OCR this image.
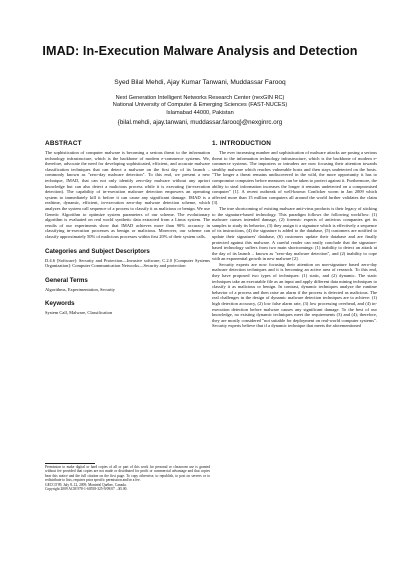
IMAD: In-Execution Malware Analysis and Detection
Syed Bilal Mehdi, Ajay Kumar Tanwani, Muddassar Farooq
Next Generation Intelligent Networks Research Center (nexGIN RC)
National University of Computer & Emerging Sciences (FAST-NUCES)
Islamabad 44000, Pakistan
{bilal.mehdi, ajay.tanwani, muddassar.farooq}@nexginrc.org
ABSTRACT
The sophistication of computer malware is becoming a serious threat to the information technology infrastructure, which is the backbone of modern e-commerce systems. We, therefore, advocate the need for developing sophisticated, efficient, and accurate malware classification techniques that can detect a malware on the first day of its launch – commonly known as "zero-day malware detection". To this end, we present a new technique, IMAD, that can not only identify zero-day malware without any apriori knowledge but can also detect a malicious process while it is executing (in-execution detection). The capability of in-execution malware detection empowers an operating system to immediately kill it before it can cause any significant damage. IMAD is a realtime, dynamic, efficient, in-execution zero-day malware detection scheme, which analyzes the system call sequence of a process to classify it as malicious or benign. We use Genetic Algorithm to optimize system parameters of our scheme. The evolutionary algorithm is evaluated on real world synthetic data extracted from a Linux system. The results of our experiments show that IMAD achieves more than 90% accuracy in classifying in-execution processes as benign or malicious. Moreover, our scheme can classify approximately 50% of malicious processes within first 20% of their system calls.
Categories and Subject Descriptors
D.4.6 [Software]: Security and Protection—Invasive software; C.2.0 [Computer Systems Organization]: Computer Communication Networks—Security and protection
General Terms
Algorithms, Experimentation, Security
Keywords
System Call, Malware, Classification
Permission to make digital or hard copies of all or part of this work for personal or classroom use is granted without fee provided that copies are not made or distributed for profit or commercial advantage and that copies bear this notice and the full citation on the first page. To copy otherwise, to republish, to post on servers or to redistribute to lists, requires prior specific permission and/or a fee.
GECCO'09, July 8–12, 2009, Montréal Québec, Canada.
Copyright 2009 ACM 978-1-60558-325-9/09/07 ...$5.00.
1. INTRODUCTION
The ever increasing number and sophistication of malware attacks are posing a serious threat to the information technology infrastructure, which is the backbone of modern e-commerce systems. The imposters or intruders are now focusing their attention towards stealthy malware which reaches vulnerable hosts and then stays undetected on the hosts. "The longer a threat remains undiscovered in the wild, the more opportunity it has to compromise computers before measures can be taken to protect against it. Furthermore, the ability to steal information increases the longer it remains undetected on a compromised computer" [1]. A recent outbreak of well-known Conficker worm in Jan 2009 which affected more than 15 million computers all around the world further validates the claim [3].
The true shortcoming of existing malware anti-virus products is their legacy of sticking to the signature-based technology. This paradigm follows the following workflow: (1) malware causes intended damage, (2) forensic experts of antivirus companies get its samples to study its behavior, (3) they assign it a signature which is effectively a sequence of its instructions, (4) the signature is added to the database, (5) customers are notified to update their signatures' database, (6) customers update their database and are finally protected against this malware. A careful reader can easily conclude that the signature-based technology suffers from two main shortcomings: (1) inability to detect an attack at the day of its launch – known as "zero-day malware detection", and (2) inability to cope with an exponential growth in new malware [2].
Security experts are now focusing their attention on non-signature based zero-day malware detection techniques and it is becoming an active area of research. To this end, they have proposed two types of techniques: (1) static, and (2) dynamic. The static techniques take an executable file as an input and apply different data mining techniques to classify it as malicious or benign. In contrast, dynamic techniques analyze the runtime behavior of a process and then raise an alarm if the process is detected as malicious. The real challenges in the design of dynamic malware detection techniques are to achieve: (1) high detection accuracy, (2) low false alarm rate, (3) low processing overhead, and (4) in-execution detection before malware causes any significant damage. To the best of our knowledge, no existing dynamic techniques meet the requirements (3) and (4); therefore, they are mostly considered "not suitable for deployment on real-world computer systems". Security experts believe that if a dynamic technique that meets the aforementioned
